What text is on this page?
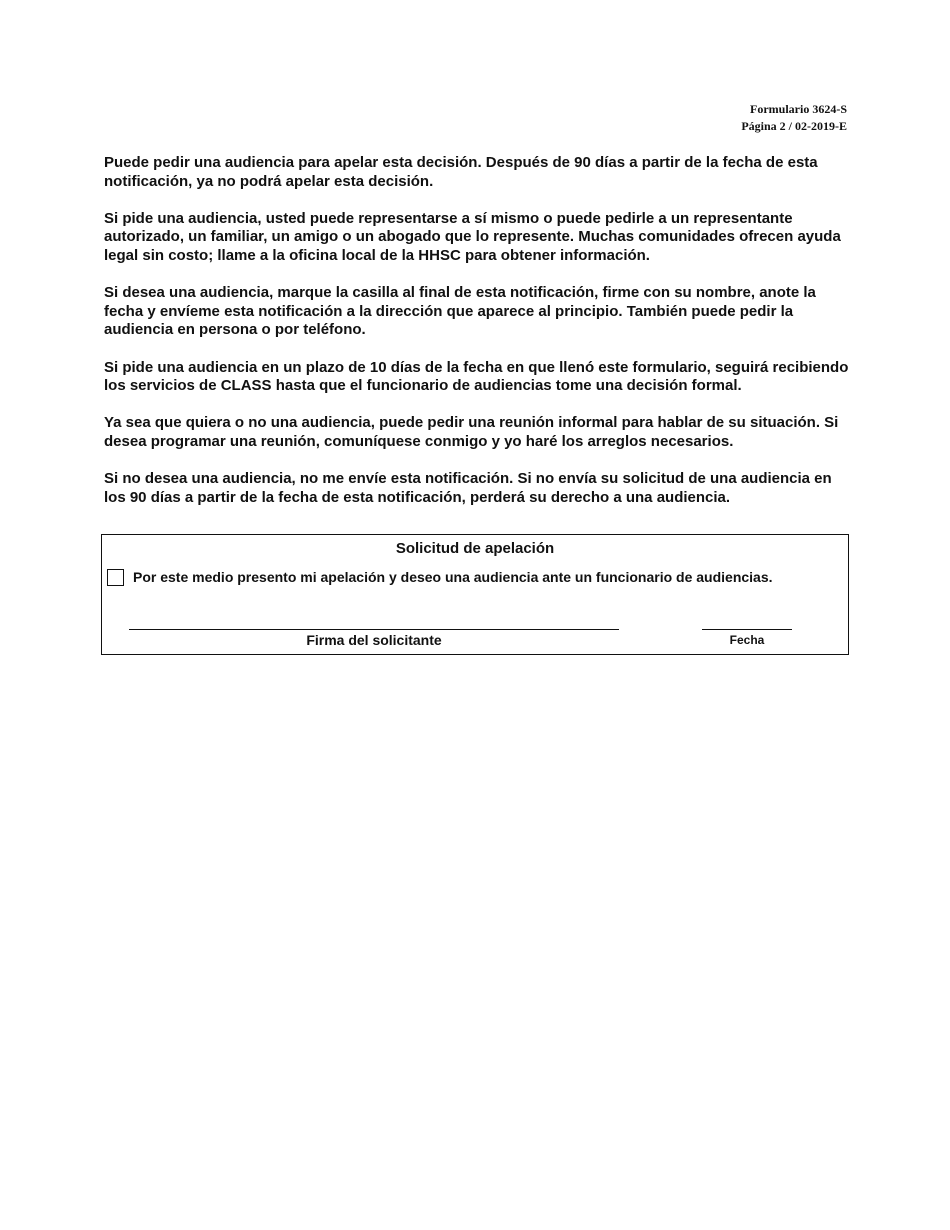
Formulario 3624-S
Página 2 / 02-2019-E

Puede pedir una audiencia para apelar esta decisión. Después de 90 días a partir de la fecha de esta notificación, ya no podrá apelar esta decisión.

Si pide una audiencia, usted puede representarse a sí mismo o puede pedirle a un representante autorizado, un familiar, un amigo o un abogado que lo represente. Muchas comunidades ofrecen ayuda legal sin costo; llame a la oficina local de la HHSC para obtener información.

Si desea una audiencia, marque la casilla al final de esta notificación, firme con su nombre, anote la fecha y envíeme esta notificación a la dirección que aparece al principio. También puede pedir la audiencia en persona o por teléfono.

Si pide una audiencia en un plazo de 10 días de la fecha en que llenó este formulario, seguirá recibiendo los servicios de CLASS hasta que el funcionario de audiencias tome una decisión formal.

Ya sea que quiera o no una audiencia, puede pedir una reunión informal para hablar de su situación. Si desea programar una reunión, comuníquese conmigo y yo haré los arreglos necesarios.

Si no desea una audiencia, no me envíe esta notificación. Si no envía su solicitud de una audiencia en los 90 días a partir de la fecha de esta notificación, perderá su derecho a una audiencia.

Solicitud de apelación
Por este medio presento mi apelación y deseo una audiencia ante un funcionario de audiencias.
Firma del solicitante	Fecha
